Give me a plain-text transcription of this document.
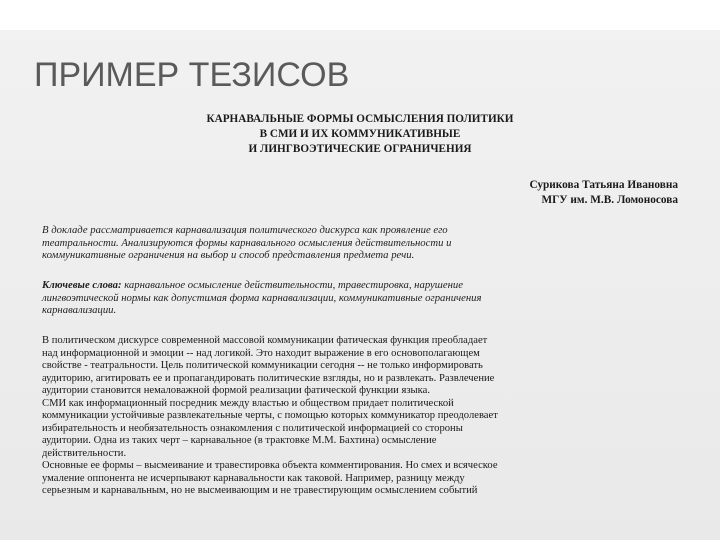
ПРИМЕР ТЕЗИСОВ
КАРНАВАЛЬНЫЕ ФОРМЫ ОСМЫСЛЕНИЯ ПОЛИТИКИ
В СМИ И ИХ КОММУНИКАТИВНЫЕ
И ЛИНГВОЭТИЧЕСКИЕ ОГРАНИЧЕНИЯ
Сурикова Татьяна Ивановна
МГУ им. М.В. Ломоносова
В докладе рассматривается карнавализация политического дискурса как проявление его
театральности. Анализируются формы карнавального осмысления действительности и
коммуникативные ограничения на выбор и способ представления предмета речи.
Ключевые слова: карнавальное осмысление действительности, травестировка, нарушение
лингвоэтической нормы как допустимая форма карнавализации, коммуникативные ограничения
карнавализации.
В политическом дискурсе современной массовой коммуникации фатическая функция преобладает
над информационной и эмоции -- над логикой. Это находит выражение в его основополагающем
свойстве - театральности. Цель политической коммуникации сегодня -- не только информировать
аудиторию, агитировать ее и пропагандировать политические взгляды, но и развлекать. Развлечение
аудитории становится немаловажной формой реализации фатической функции языка.
СМИ как информационный посредник между властью и обществом придает политической
коммуникации устойчивые развлекательные черты, с помощью которых коммуникатор преодолевает
избирательность и необязательность ознакомления с политической информацией со стороны
аудитории. Одна из таких черт – карнавальное (в трактовке М.М. Бахтина) осмысление
действительности.
Основные ее формы – высмеивание и травестировка объекта комментирования. Но смех и всяческое
умаление оппонента не исчерпывают карнавальности как таковой. Например, разницу между
серьезным и карнавальным, но не высмеивающим и не травестирующим осмыслением событий
